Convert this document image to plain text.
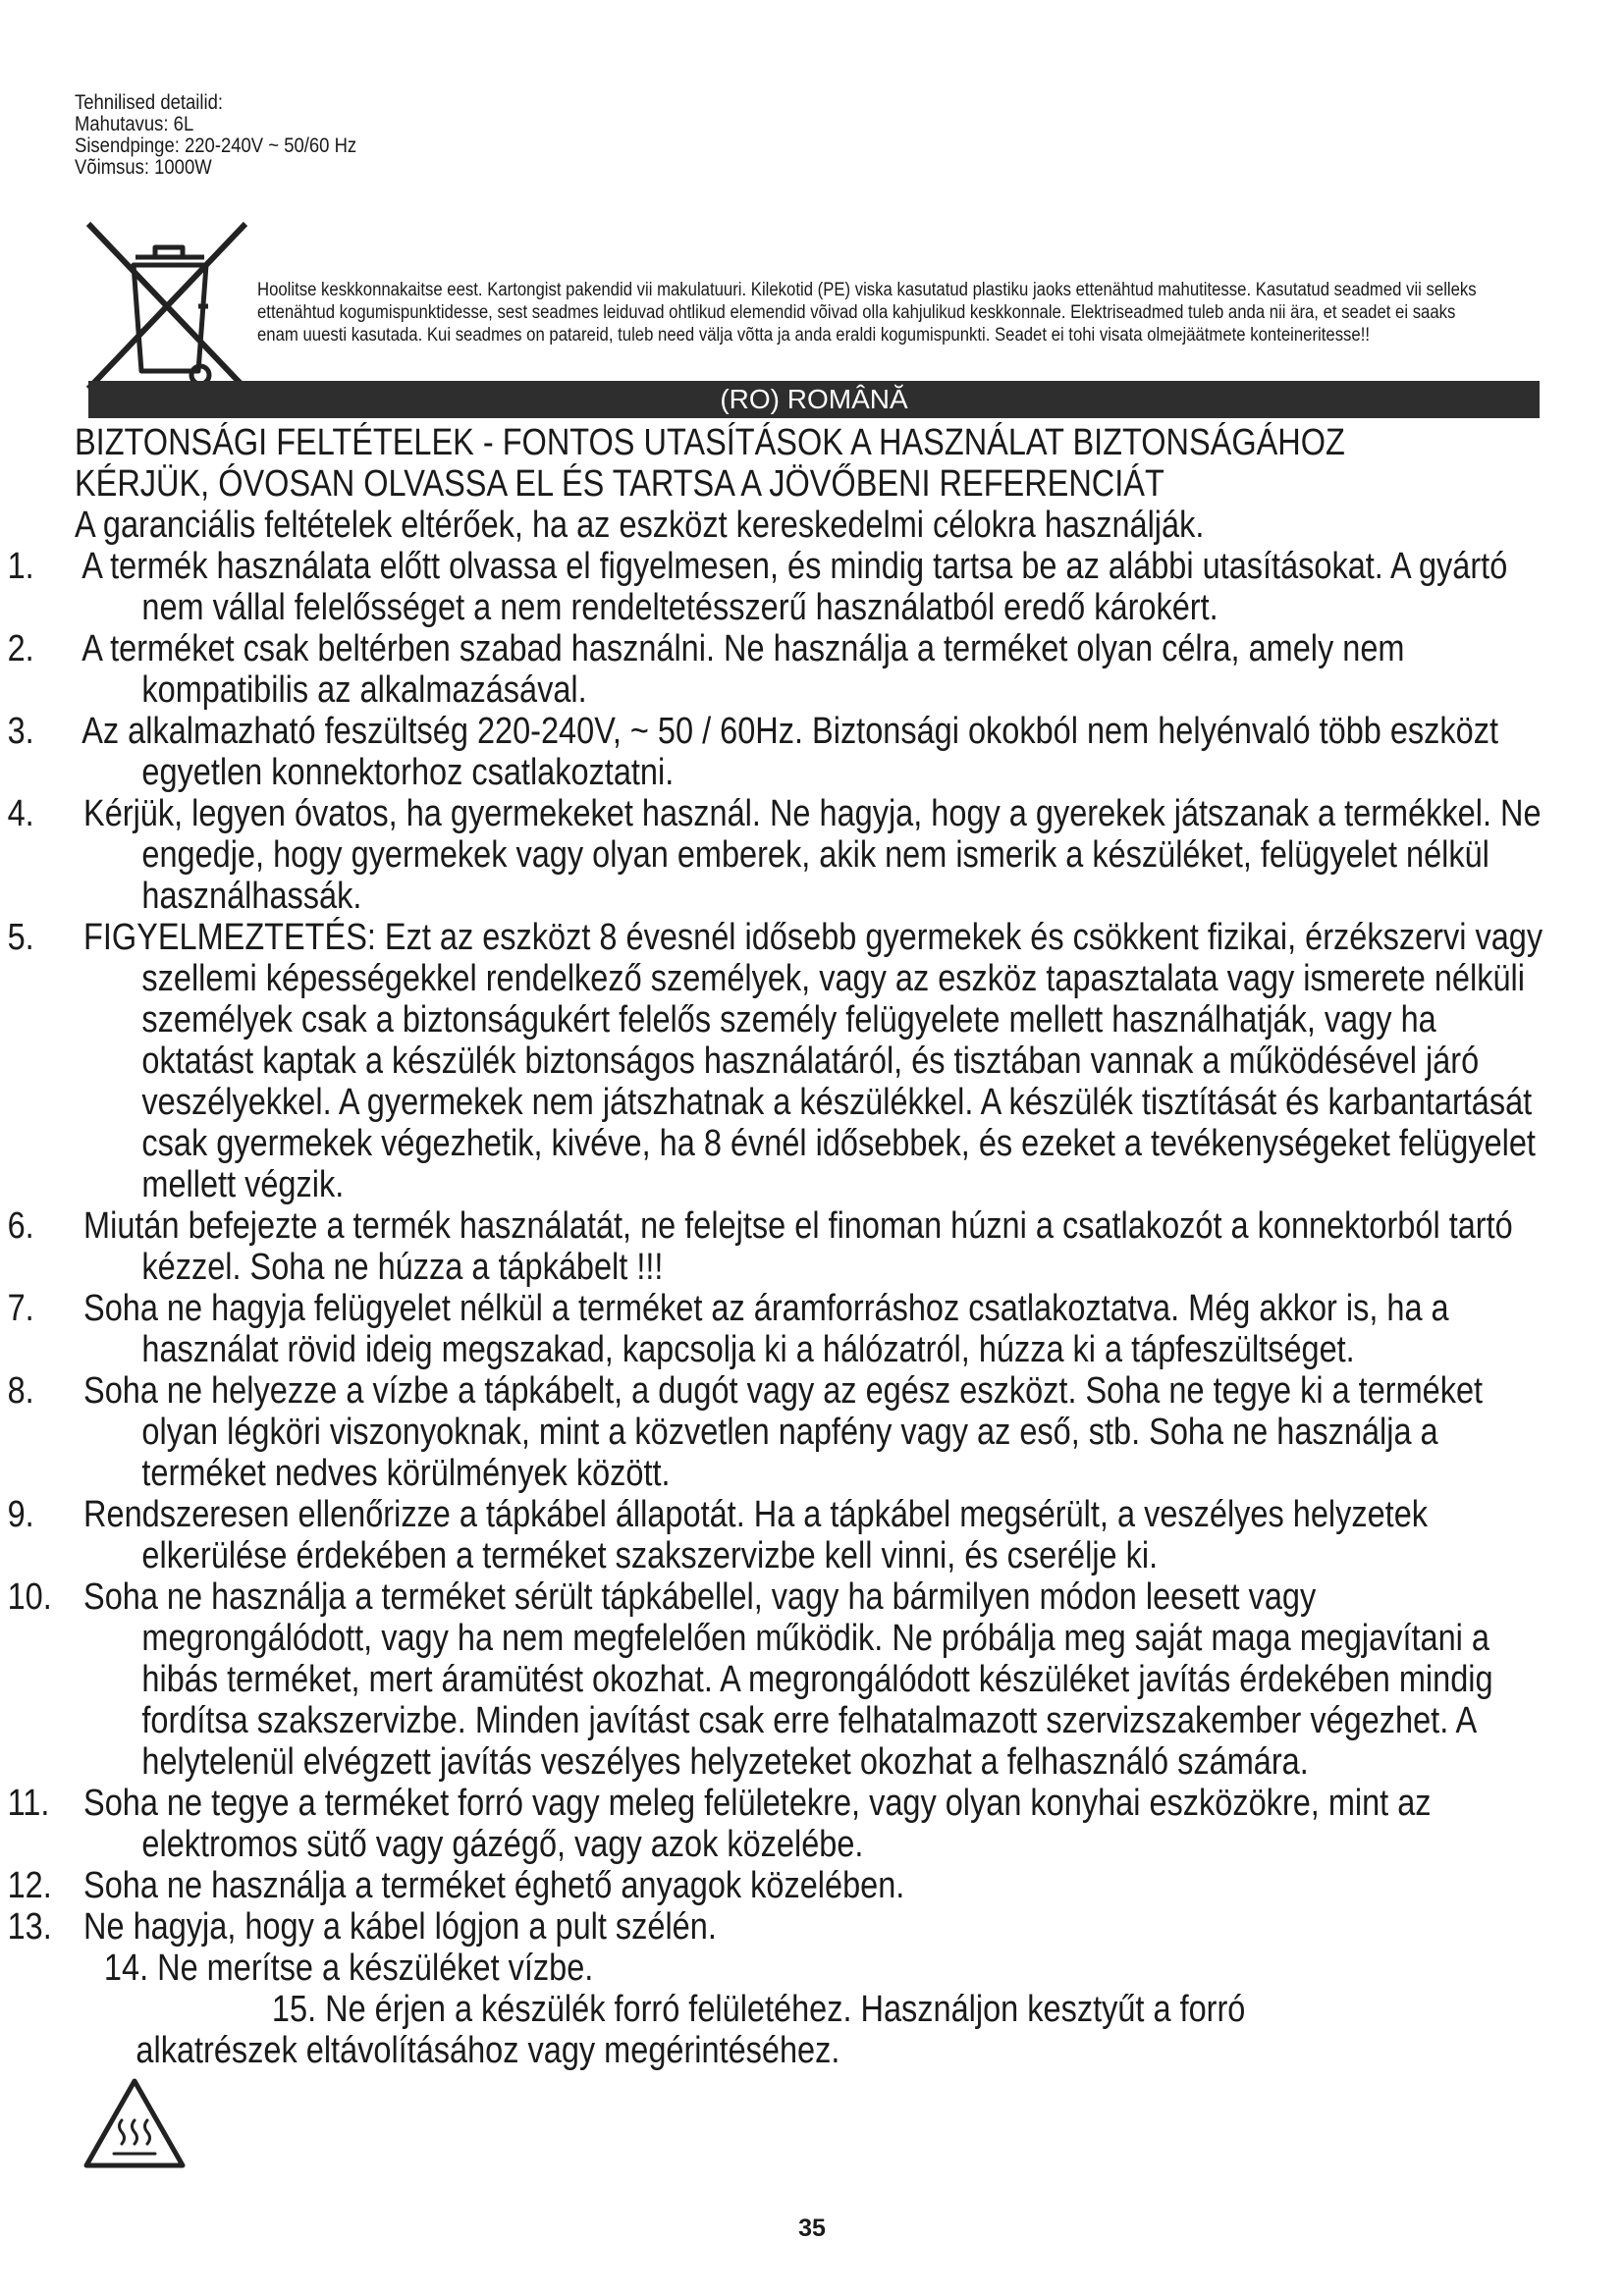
Tehnilised detailid:
Mahutavus: 6L
Sisendpinge: 220-240V ~ 50/60 Hz
Võimsus: 1000W
Hoolitse keskkonnakaitse eest. Kartongist pakendid vii makulatuuri. Kilekotid (PE) viska kasutatud plastiku jaoks ettenähtud mahutitesse. Kasutatud seadmed vii selleks ettenähtud kogumispunktidesse, sest seadmes leiduvad ohtlikud elemendid võivad olla kahjulikud keskkonnale. Elektriseadmed tuleb anda nii ära, et seadet ei saaks enam uuesti kasutada. Kui seadmes on patareid, tuleb need välja võtta ja anda eraldi kogumispunkti. Seadet ei tohi visata olmejäätmete konteineritesse!!
(RO) ROMÂNĂ
BIZTONSÁGI FELTÉTELEK - FONTOS UTASÍTÁSOK A HASZNÁLAT BIZTONSÁGÁHOZ
KÉRJÜK, ÓVOSAN OLVASSA EL ÉS TARTSA A JÖVŐBENI REFERENCIÁT

A garanciális feltételek eltérőek, ha az eszközt kereskedelmi célokra használják.

1. A termék használata előtt olvassa el figyelmesen, és mindig tartsa be az alábbi utasításokat. A gyártó nem vállal felelősséget a nem rendeltetésszerű használatból eredő károkért.

2. A terméket csak beltérben szabad használni. Ne használja a terméket olyan célra, amely nem kompatibilis az alkalmazásával.

3. Az alkalmazható feszültség 220-240V, ~ 50 / 60Hz. Biztonsági okokból nem helyénvaló több eszközt egyetlen konnektorhoz csatlakoztatni.

4. Kérjük, legyen óvatos, ha gyermekeket használ. Ne hagyja, hogy a gyerekek játszanak a termékkel. Ne engedje, hogy gyermekek vagy olyan emberek, akik nem ismerik a készüléket, felügyelet nélkül használhassák.

5. FIGYELMEZTETÉS: Ezt az eszközt 8 évesnél idősebb gyermekek és csökkent fizikai, érzékszervi vagy szellemi képességekkel rendelkező személyek, vagy az eszköz tapasztalata vagy ismerete nélküli személyek csak a biztonságukért felelős személy felügyelete mellett használhatják, vagy ha oktatást kaptak a készülék biztonságos használatáról, és tisztában vannak a működésével járó veszélyekkel. A gyermekek nem játszhatnak a készülékkel. A készülék tisztítását és karbantartását csak gyermekek végezhetik, kivéve, ha 8 évnél idősebbek, és ezeket a tevékenységeket felügyelet mellett végzik.

6. Miután befejezte a termék használatát, ne felejtse el finoman húzni a csatlakozót a konnektorból tartó kézzel. Soha ne húzza a tápkábelt !!!

7. Soha ne hagyja felügyelet nélkül a terméket az áramforráshoz csatlakoztatva. Még akkor is, ha a használat rövid ideig megszakad, kapcsolja ki a hálózatról, húzza ki a tápfeszültséget.

8. Soha ne helyezze a vízbe a tápkábelt, a dugót vagy az egész eszközt. Soha ne tegye ki a terméket olyan légköri viszonyoknak, mint a közvetlen napfény vagy az eső, stb. Soha ne használja a terméket nedves körülmények között.

9. Rendszeresen ellenőrizze a tápkábel állapotát. Ha a tápkábel megsérült, a veszélyes helyzetek elkerülése érdekében a terméket szakszervizbe kell vinni, és cserélje ki.

10. Soha ne használja a terméket sérült tápkábellel, vagy ha bármilyen módon leesett vagy megrongálódott, vagy ha nem megfelelően működik. Ne próbálja meg saját maga megjavítani a hibás terméket, mert áramütést okozhat. A megrongálódott készüléket javítás érdekében mindig fordítsa szakszervizbe. Minden javítást csak erre felhatalmazott szervizszakember végezhet. A helytelenül elvégzett javítás veszélyes helyzeteket okozhat a felhasználó számára.

11. Soha ne tegye a terméket forró vagy meleg felületekre, vagy olyan konyhai eszközökre, mint az elektromos sütő vagy gázégő, vagy azok közelébe.

12. Soha ne használja a terméket éghető anyagok közelében.

13. Ne hagyja, hogy a kábel lógjon a pult szélén.

14. Ne merítse a készüléket vízbe.

15. Ne érjen a készülék forró felületéhez. Használjon kesztyűt a forró

alkatrészek eltávolításához vagy megérintéséhez.

35
